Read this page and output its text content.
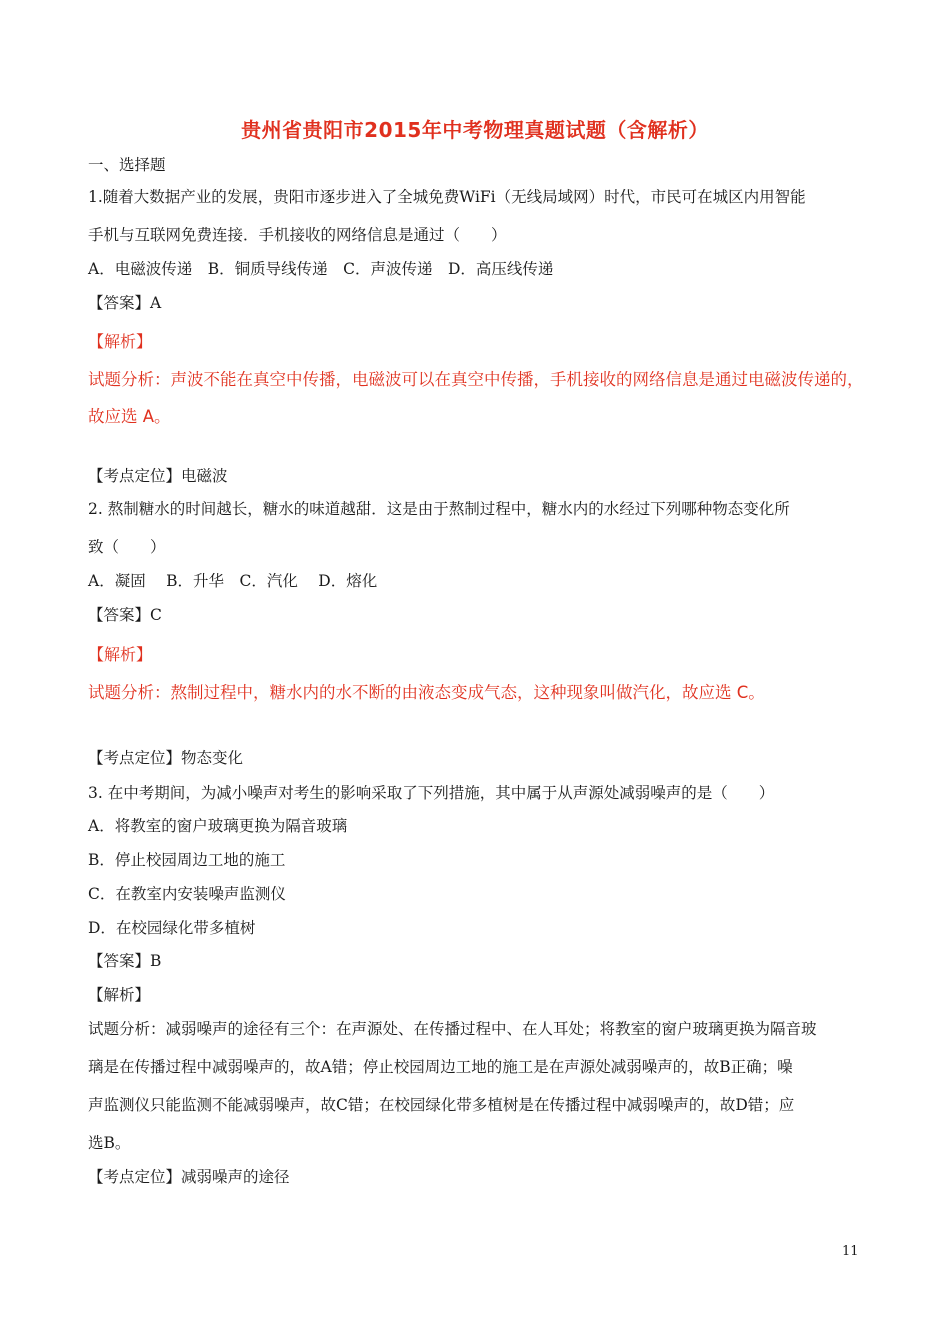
贵州省贵阳市2015年中考物理真题试题（含解析）

一、选择题

1.随着大数据产业的发展，贵阳市逐步进入了全城免费WiFi（无线局域网）时代，市民可在城区内用智能

手机与互联网免费连接．手机接收的网络信息是通过（　　）

A．电磁波传递　B．铜质导线传递　C．声波传递　D．高压线传递

【答案】A

【解析】

试题分析：声波不能在真空中传播，电磁波可以在真空中传播，手机接收的网络信息是通过电磁波传递的，

故应选 A。

【考点定位】电磁波

2. 熬制糖水的时间越长，糖水的味道越甜．这是由于熬制过程中，糖水内的水经过下列哪种物态变化所

致（　　）

A．凝固　 B．升华　C．汽化　 D．熔化

【答案】C

【解析】

试题分析：熬制过程中，糖水内的水不断的由液态变成气态，这种现象叫做汽化，故应选 C。

【考点定位】物态变化

3. 在中考期间，为减小噪声对考生的影响采取了下列措施，其中属于从声源处减弱噪声的是（　　）

A．将教室的窗户玻璃更换为隔音玻璃

B．停止校园周边工地的施工

C．在教室内安装噪声监测仪

D．在校园绿化带多植树

【答案】B

【解析】

试题分析：减弱噪声的途径有三个：在声源处、在传播过程中、在人耳处；将教室的窗户玻璃更换为隔音玻

璃是在传播过程中减弱噪声的，故A错；停止校园周边工地的施工是在声源处减弱噪声的，故B正确；噪

声监测仪只能监测不能减弱噪声，故C错；在校园绿化带多植树是在传播过程中减弱噪声的，故D错；应

选B。

【考点定位】减弱噪声的途径

11
